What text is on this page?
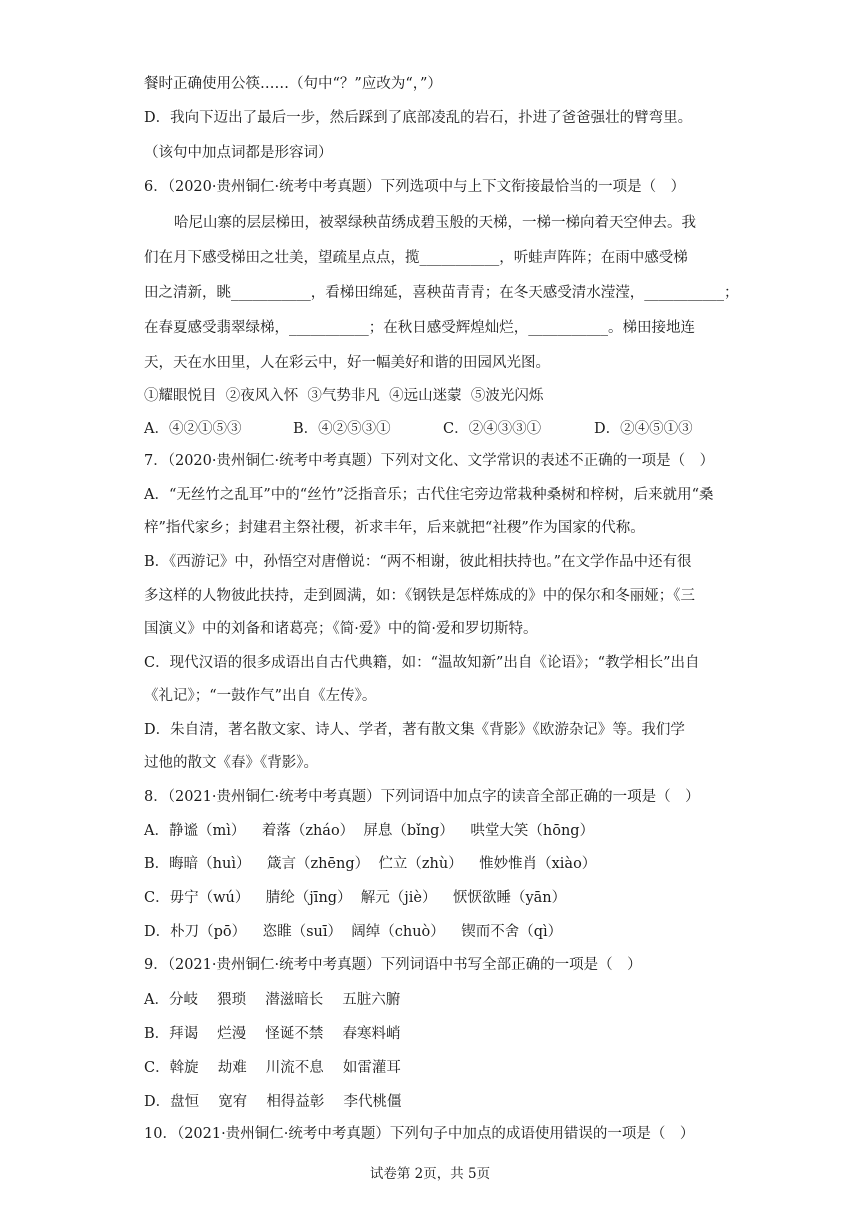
餐时正确使用公筷……（句中“？”应改为“，”）
D．我向下迈出了最后一步，然后踩到了底部凌乱的岩石，扑进了爸爸强壮的臂弯里。
（该句中加点词都是形容词）
6．（2020·贵州铜仁·统考中考真题）下列选项中与上下文衔接最恰当的一项是（　）
哈尼山寨的层层梯田，被翠绿秧苗绣成碧玉般的天梯，一梯一梯向着天空伸去。我
们在月下感受梯田之壮美，望疏星点点，揽___________，听蛙声阵阵；在雨中感受梯
田之清新，眺___________，看梯田绵延，喜秧苗青青；在冬天感受清水滢滢，___________；
在春夏感受翡翠绿梯，___________；在秋日感受辉煌灿烂，___________。梯田接地连
天，天在水田里，人在彩云中，好一幅美好和谐的田园风光图。
①耀眼悦目  ②夜风入怀  ③气势非凡  ④远山迷蒙  ⑤波光闪烁
A．④②①⑤③	B．④②⑤③①	C．②④③③①	D．②④⑤①③
7．（2020·贵州铜仁·统考中考真题）下列对文化、文学常识的表述不正确的一项是（　）
A．“无丝竹之乱耳”中的“丝竹”泛指音乐；古代住宅旁边常栽种桑树和梓树，后来就用“桑
梓”指代家乡；封建君主祭社稷，祈求丰年，后来就把“社稷”作为国家的代称。
B．《西游记》中，孙悟空对唐僧说：“两不相谢，彼此相扶持也。”在文学作品中还有很
多这样的人物彼此扶持，走到圆满，如：《钢铁是怎样炼成的》中的保尔和冬丽娅；《三
国演义》中的刘备和诸葛亮；《简·爱》中的简·爱和罗切斯特。
C．现代汉语的很多成语出自古代典籍，如：“温故知新”出自《论语》；“教学相长”出自
《礼记》；“一鼓作气”出自《左传》。
D．朱自清，著名散文家、诗人、学者，著有散文集《背影》《欧游杂记》等。我们学
过他的散文《春》《背影》。
8．（2021·贵州铜仁·统考中考真题）下列词语中加点字的读音全部正确的一项是（　）
A．静谧（mì）　  着落（zháo）  屏息（bǐng）　  哄堂大笑（hōng）
B．晦暗（huì）　  箴言（zhēng）  伫立（zhù）　  惟妙惟肖（xiào）
C．毋宁（wú）　  腈纶（jīng）  解元（jiè）　  恹恹欲睡（yān）
D．朴刀（pō）　  恣睢（suī）  阔绰（chuò）　  锲而不舍（qì）
9．（2021·贵州铜仁·统考中考真题）下列词语中书写全部正确的一项是（　）
A．分岐　 猥琐　 潜滋暗长　 五脏六腑
B．拜谒　 烂漫　 怪诞不禁　 春寒料峭
C．斡旋　 劫难　 川流不息　 如雷灌耳
D．盘恒　 宽宥　 相得益彰　 李代桃僵
10．（2021·贵州铜仁·统考中考真题）下列句子中加点的成语使用错误的一项是（　）
试卷第 2页，共 5页
